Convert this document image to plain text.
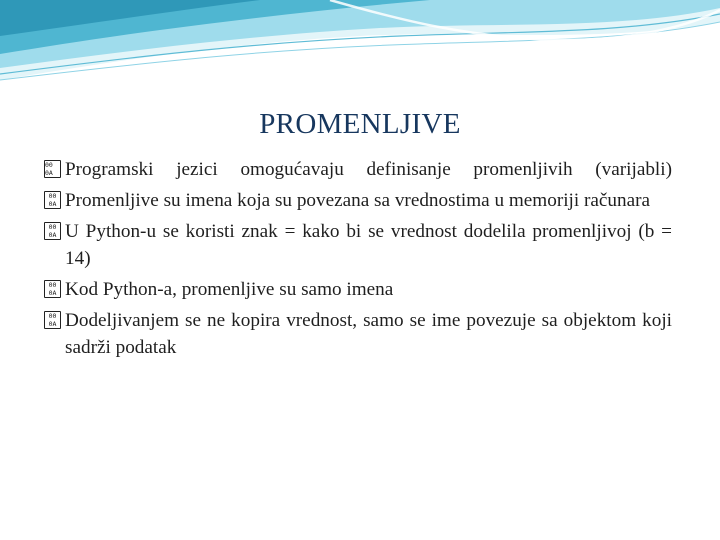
PROMENLJIVE
00
0A Programski jezici omogućavaju definisanje promenljivih (varijabli)
00
0A Promenljive su imena koja su povezana sa vrednostima u memoriji računara
00
0A U Python-u se koristi znak = kako bi se vrednost dodelila promenljivoj (b = 14)
00
0A Kod Python-a, promenljive su samo imena
00
0A Dodeljivanjem se ne kopira vrednost, samo se ime povezuje sa objektom koji sadrži podatak
